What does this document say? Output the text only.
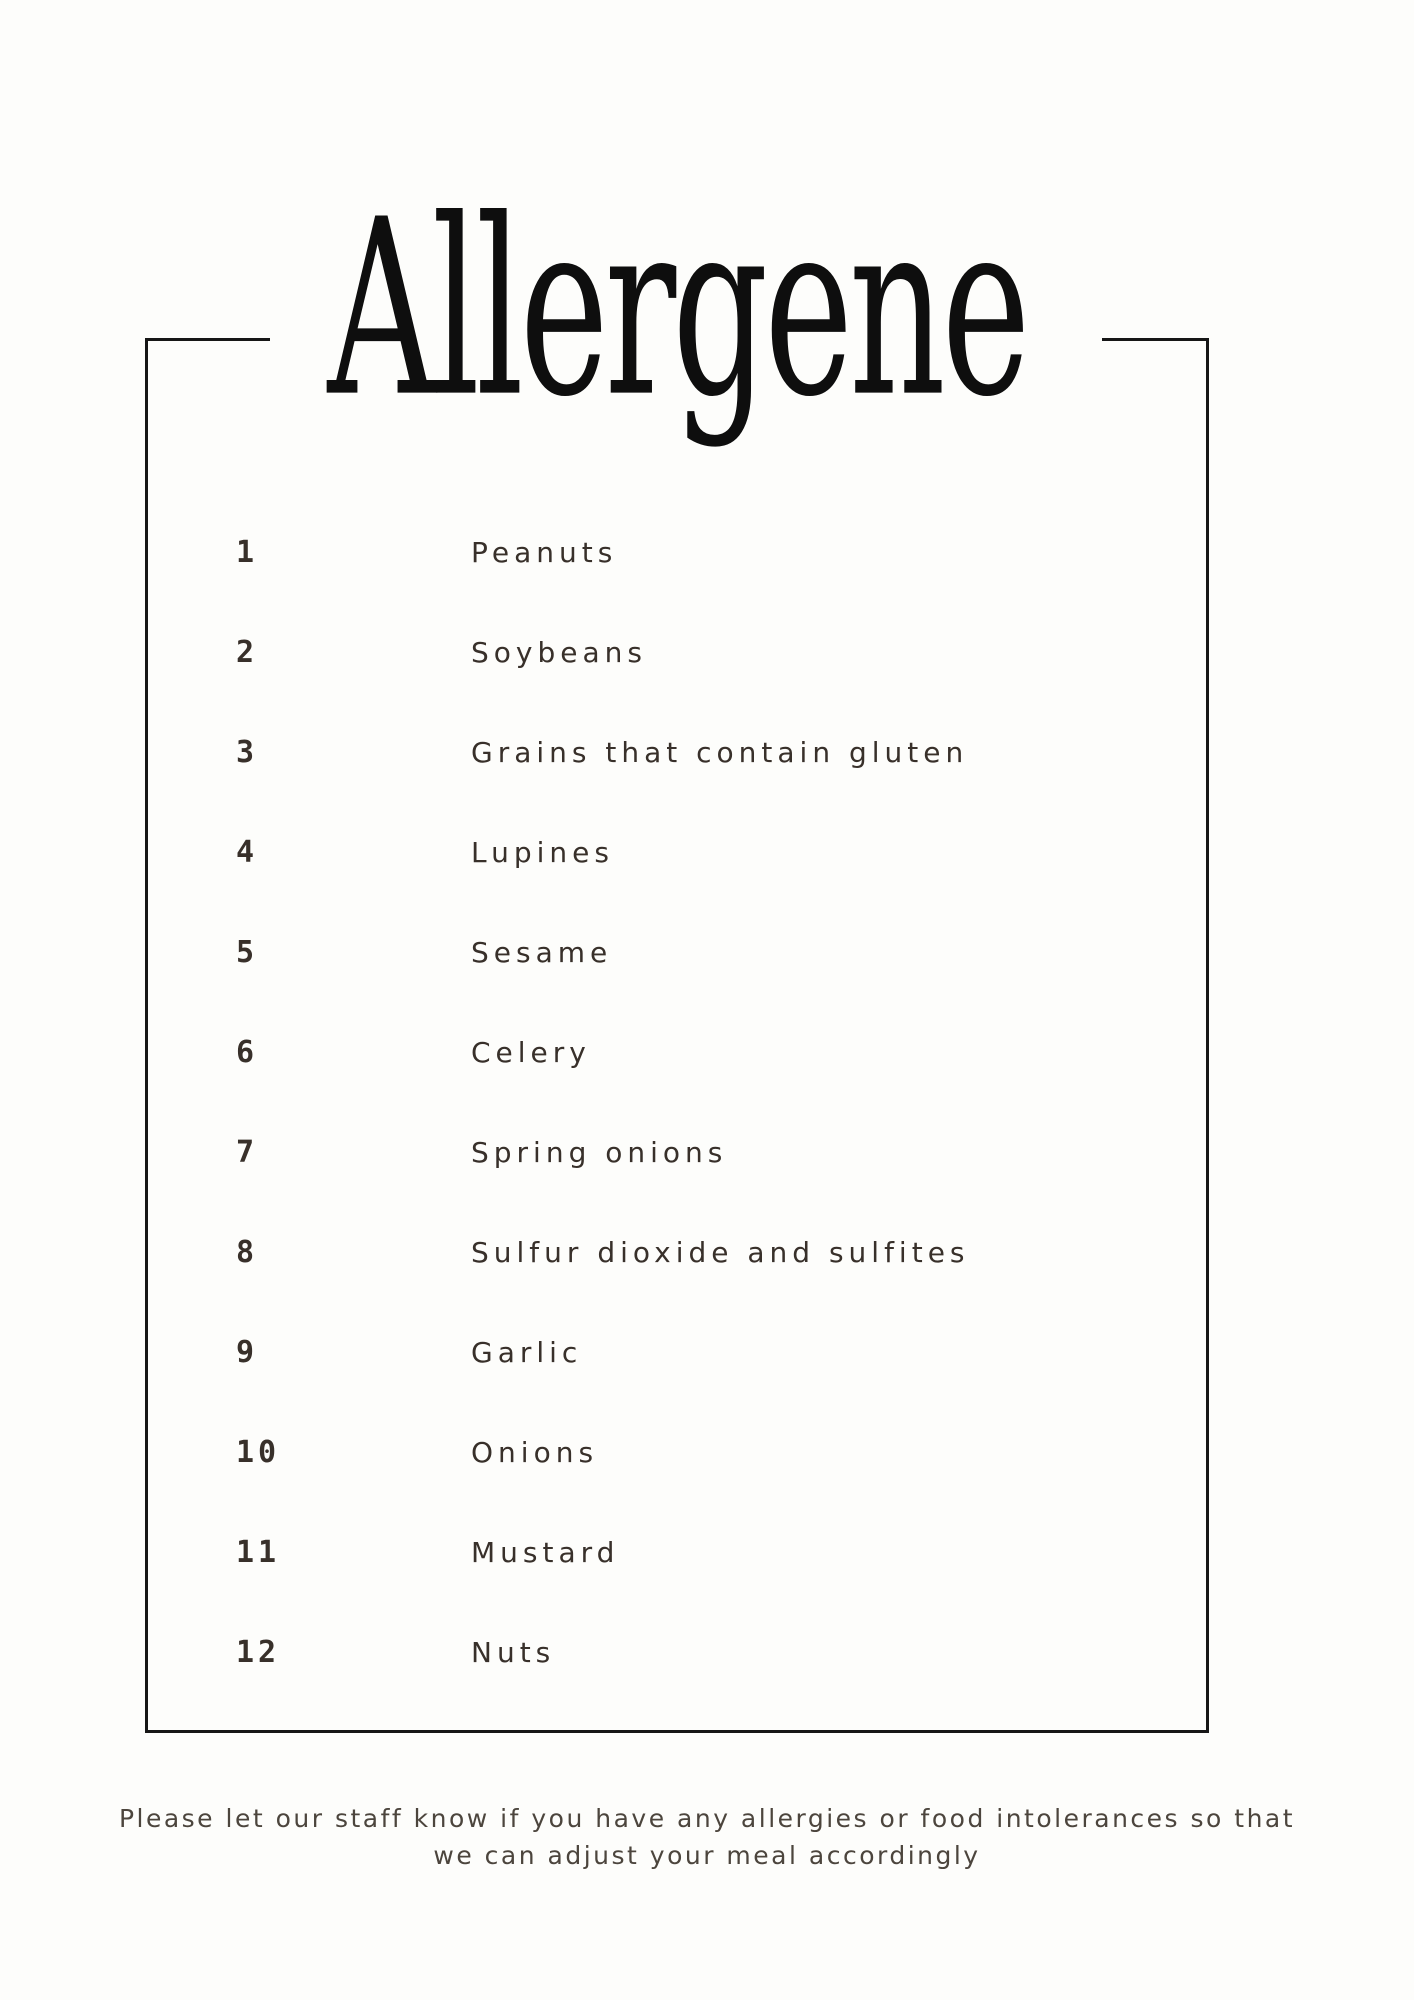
Allergene
1	Peanuts
2	Soybeans
3	Grains that contain gluten
4	Lupines
5	Sesame
6	Celery
7	Spring onions
8	Sulfur dioxide and sulfites
9	Garlic
10	Onions
11	Mustard
12	Nuts

Please let our staff know if you have any allergies or food intolerances so that
we can adjust your meal accordingly
